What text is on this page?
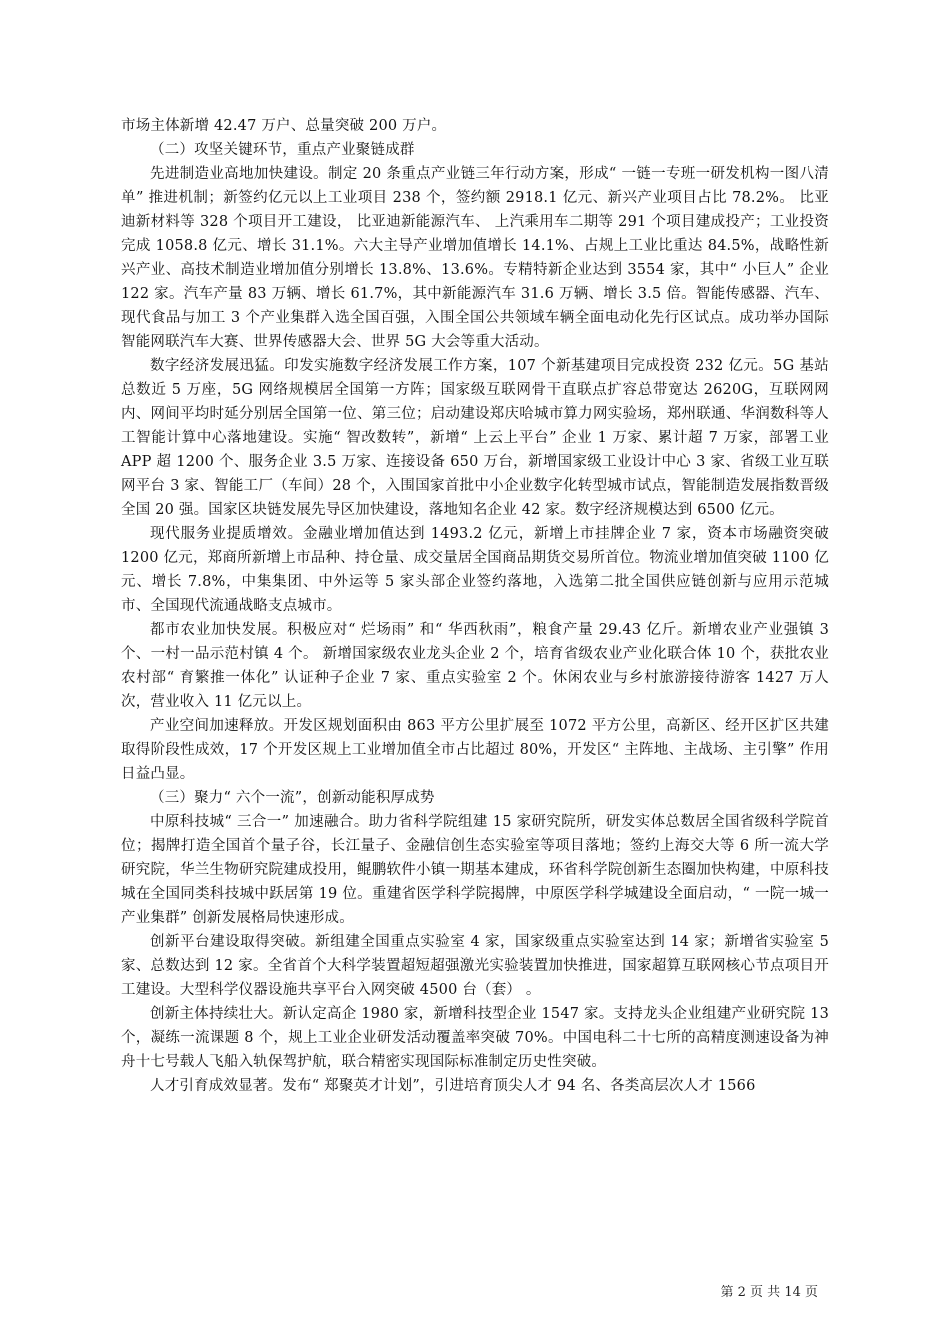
市场主体新增 42.47 万户、总量突破 200 万户。

（二）攻坚关键环节，重点产业聚链成群

先进制造业高地加快建设。制定 20 条重点产业链三年行动方案，形成“ 一链一专班一研发机构一图八清单” 推进机制；新签约亿元以上工业项目 238 个，签约额 2918.1 亿元、新兴产业项目占比 78.2%。 比亚迪新材料等 328 个项目开工建设， 比亚迪新能源汽车、 上汽乘用车二期等 291 个项目建成投产；工业投资完成 1058.8 亿元、增长 31.1%。六大主导产业增加值增长 14.1%、占规上工业比重达 84.5%，战略性新兴产业、高技术制造业增加值分别增长 13.8%、13.6%。专精特新企业达到 3554 家，其中“ 小巨人” 企业 122 家。汽车产量 83 万辆、增长 61.7%，其中新能源汽车 31.6 万辆、增长 3.5 倍。智能传感器、汽车、现代食品与加工 3 个产业集群入选全国百强，入围全国公共领域车辆全面电动化先行区试点。成功举办国际智能网联汽车大赛、世界传感器大会、世界 5G 大会等重大活动。

数字经济发展迅猛。印发实施数字经济发展工作方案，107 个新基建项目完成投资 232 亿元。5G 基站总数近 5 万座，5G 网络规模居全国第一方阵；国家级互联网骨干直联点扩容总带宽达 2620G，互联网网内、网间平均时延分别居全国第一位、第三位；启动建设郑庆哈城市算力网实验场，郑州联通、华润数科等人工智能计算中心落地建设。实施“ 智改数转”，新增“ 上云上平台” 企业 1 万家、累计超 7 万家，部署工业 APP 超 1200 个、服务企业 3.5 万家、连接设备 650 万台，新增国家级工业设计中心 3 家、省级工业互联网平台 3 家、智能工厂（车间）28 个，入围国家首批中小企业数字化转型城市试点，智能制造发展指数晋级全国 20 强。国家区块链发展先导区加快建设，落地知名企业 42 家。数字经济规模达到 6500 亿元。

现代服务业提质增效。金融业增加值达到 1493.2 亿元，新增上市挂牌企业 7 家，资本市场融资突破 1200 亿元，郑商所新增上市品种、持仓量、成交量居全国商品期货交易所首位。物流业增加值突破 1100 亿元、增长 7.8%，中集集团、中外运等 5 家头部企业签约落地，入选第二批全国供应链创新与应用示范城市、全国现代流通战略支点城市。

都市农业加快发展。积极应对“ 烂场雨” 和“ 华西秋雨”，粮食产量 29.43 亿斤。新增农业产业强镇 3 个、一村一品示范村镇 4 个。 新增国家级农业龙头企业 2 个，培育省级农业产业化联合体 10 个，获批农业农村部“ 育繁推一体化” 认证种子企业 7 家、重点实验室 2 个。休闲农业与乡村旅游接待游客 1427 万人次，营业收入 11 亿元以上。

产业空间加速释放。开发区规划面积由 863 平方公里扩展至 1072 平方公里，高新区、经开区扩区共建取得阶段性成效，17 个开发区规上工业增加值全市占比超过 80%，开发区“ 主阵地、主战场、主引擎” 作用日益凸显。

（三）聚力“ 六个一流”，创新动能积厚成势

中原科技城“ 三合一” 加速融合。助力省科学院组建 15 家研究院所，研发实体总数居全国省级科学院首位；揭牌打造全国首个量子谷，长江量子、金融信创生态实验室等项目落地；签约上海交大等 6 所一流大学研究院，华兰生物研究院建成投用，鲲鹏软件小镇一期基本建成，环省科学院创新生态圈加快构建，中原科技城在全国同类科技城中跃居第 19 位。重建省医学科学院揭牌，中原医学科学城建设全面启动，“ 一院一城一产业集群” 创新发展格局快速形成。

创新平台建设取得突破。新组建全国重点实验室 4 家，国家级重点实验室达到 14 家；新增省实验室 5 家、总数达到 12 家。全省首个大科学装置超短超强激光实验装置加快推进，国家超算互联网核心节点项目开工建设。大型科学仪器设施共享平台入网突破 4500 台（套） 。

创新主体持续壮大。新认定高企 1980 家，新增科技型企业 1547 家。支持龙头企业组建产业研究院 13 个，凝练一流课题 8 个，规上工业企业研发活动覆盖率突破 70%。中国电科二十七所的高精度测速设备为神舟十七号载人飞船入轨保驾护航，联合精密实现国际标准制定历史性突破。

人才引育成效显著。发布“ 郑聚英才计划”，引进培育顶尖人才 94 名、各类高层次人才 1566

第 2 页 共 14 页
